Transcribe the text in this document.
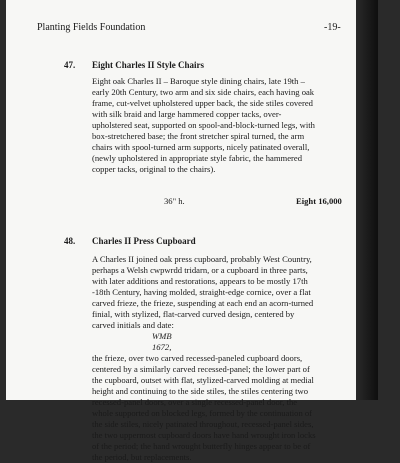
Planting Fields Foundation	-19-
47. Eight Charles II Style Chairs

Eight oak Charles II – Baroque style dining chairs, late 19th – early 20th Century, two arm and six side chairs, each having oak frame, cut-velvet upholstered upper back, the side stiles covered with silk braid and large hammered copper tacks, over-upholstered seat, supported on spool-and-block-turned legs, with box-stretchered base; the front stretcher spiral turned, the arm chairs with spool-turned arm supports, nicely patinated overall, (newly upholstered in appropriate style fabric, the hammered copper tacks, original to the chairs).

36" h.	Eight 16,000
48. Charles II Press Cupboard
A Charles II joined oak press cupboard, probably West Country, perhaps a Welsh cwpwrdd tridarn, or a cupboard in three parts, with later additions and restorations, appears to be mostly 17th -18th Century, having molded, straight-edge cornice, over a flat carved frieze, the frieze, suspending at each end an acorn-turned finial, with stylized, flat-carved curved design, centered by carved initials and date:
WMB
1672,
the frieze, over two carved recessed-paneled cupboard doors, centered by a similarly carved recessed-panel; the lower part of the cupboard, outset with flat, stylized-carved molding at medial height and continuing to the side stiles, the stiles centering two recessed-panel doors, over a single recessed-panel door, the whole supported on blocked legs, formed by the continuation of the side stiles, nicely patinated throughout, recessed-panel sides, the two uppermost cupboard doors have hand wrought iron locks of the period; the hand wrought butterfly hinges appear to be of the period, but replacements.
